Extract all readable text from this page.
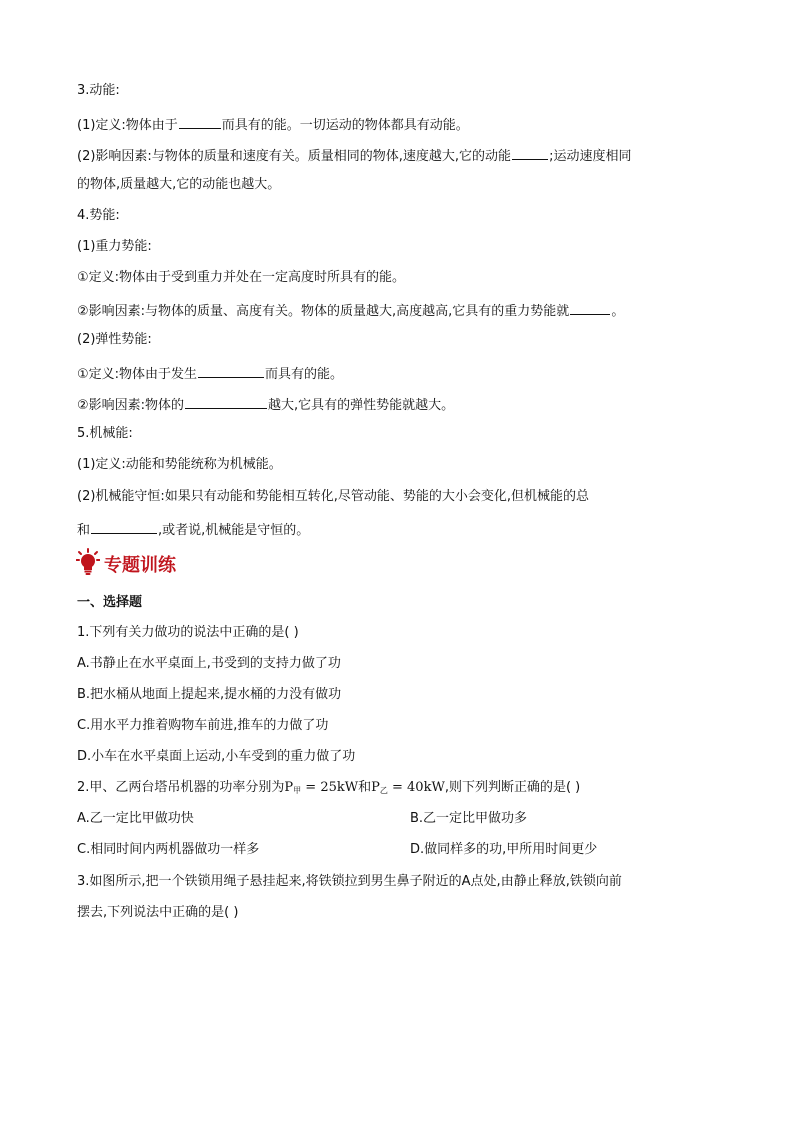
3.动能:
(1)定义:物体由于	而具有的能。一切运动的物体都具有动能。
(2)影响因素:与物体的质量和速度有关。质量相同的物体,速度越大,它的动能	;运动速度相同
的物体,质量越大,它的动能也越大。
4.势能:
(1)重力势能:
①定义:物体由于受到重力并处在一定高度时所具有的能。
②影响因素:与物体的质量、高度有关。物体的质量越大,高度越高,它具有的重力势能就	。
(2)弹性势能:
①定义:物体由于发生	而具有的能。
②影响因素:物体的	越大,它具有的弹性势能就越大。
5.机械能:
(1)定义:动能和势能统称为机械能。
(2)机械能守恒:如果只有动能和势能相互转化,尽管动能、势能的大小会变化,但机械能的总
和	,或者说,机械能是守恒的。
专题训练
一、选择题
1.下列有关力做功的说法中正确的是( )
A.书静止在水平桌面上,书受到的支持力做了功
B.把水桶从地面上提起来,提水桶的力没有做功
C.用水平力推着购物车前进,推车的力做了功
D.小车在水平桌面上运动,小车受到的重力做了功
2.甲、乙两台塔吊机器的功率分别为$P_甲 = 25kW$和$P_乙 = 40kW$,则下列判断正确的是( )
A.乙一定比甲做功快	B.乙一定比甲做功多
C.相同时间内两机器做功一样多	D.做同样多的功,甲所用时间更少
3.如图所示,把一个铁锁用绳子悬挂起来,将铁锁拉到男生鼻子附近的A点处,由静止释放,铁锁向前
摆去,下列说法中正确的是( )
